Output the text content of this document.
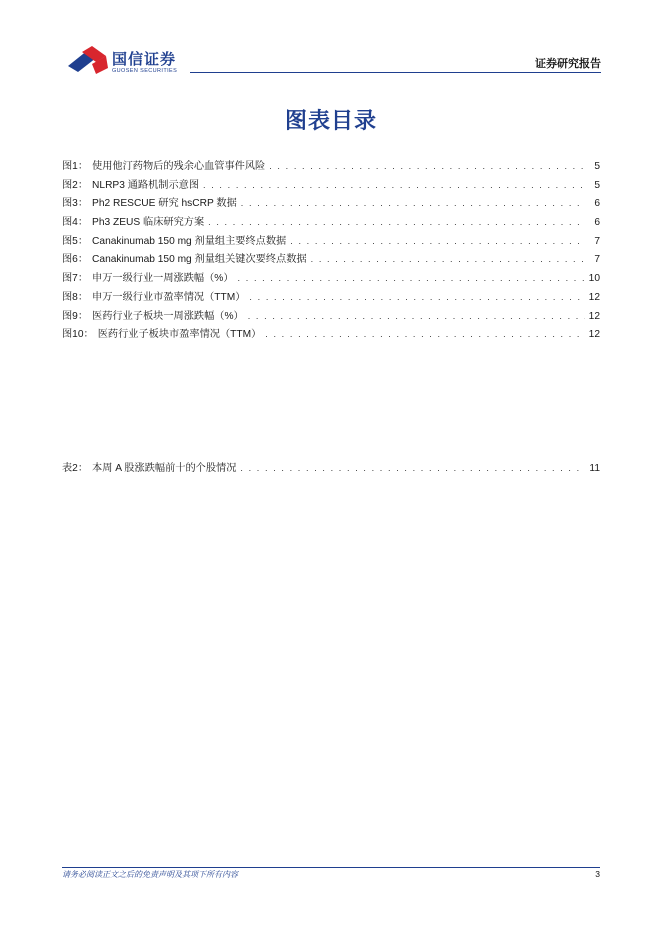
国信证券
GUOSEN SECURITIES
证券研究报告
图表目录
图1： 使用他汀药物后的残余心血管事件风险 . . .	5
图2： NLRP3 通路机制示意图 . . .	5
图3： Ph2 RESCUE 研究 hsCRP 数据 . . .	6
图4： Ph3 ZEUS 临床研究方案 . . .	6
图5： Canakinumab 150 mg 剂量组主要终点数据 . . .	7
图6： Canakinumab 150 mg 剂量组关键次要终点数据 . . .	7
图7： 申万一级行业一周涨跌幅（%） . . .	10
图8： 申万一级行业市盈率情况（TTM） . . .	12
图9： 医药行业子板块一周涨跌幅（%） . . .	12
图10： 医药行业子板块市盈率情况（TTM） . . .	12
表2： 本周 A 股涨跌幅前十的个股情况 . . .	11
请务必阅读正文之后的免责声明及其项下所有内容	3
